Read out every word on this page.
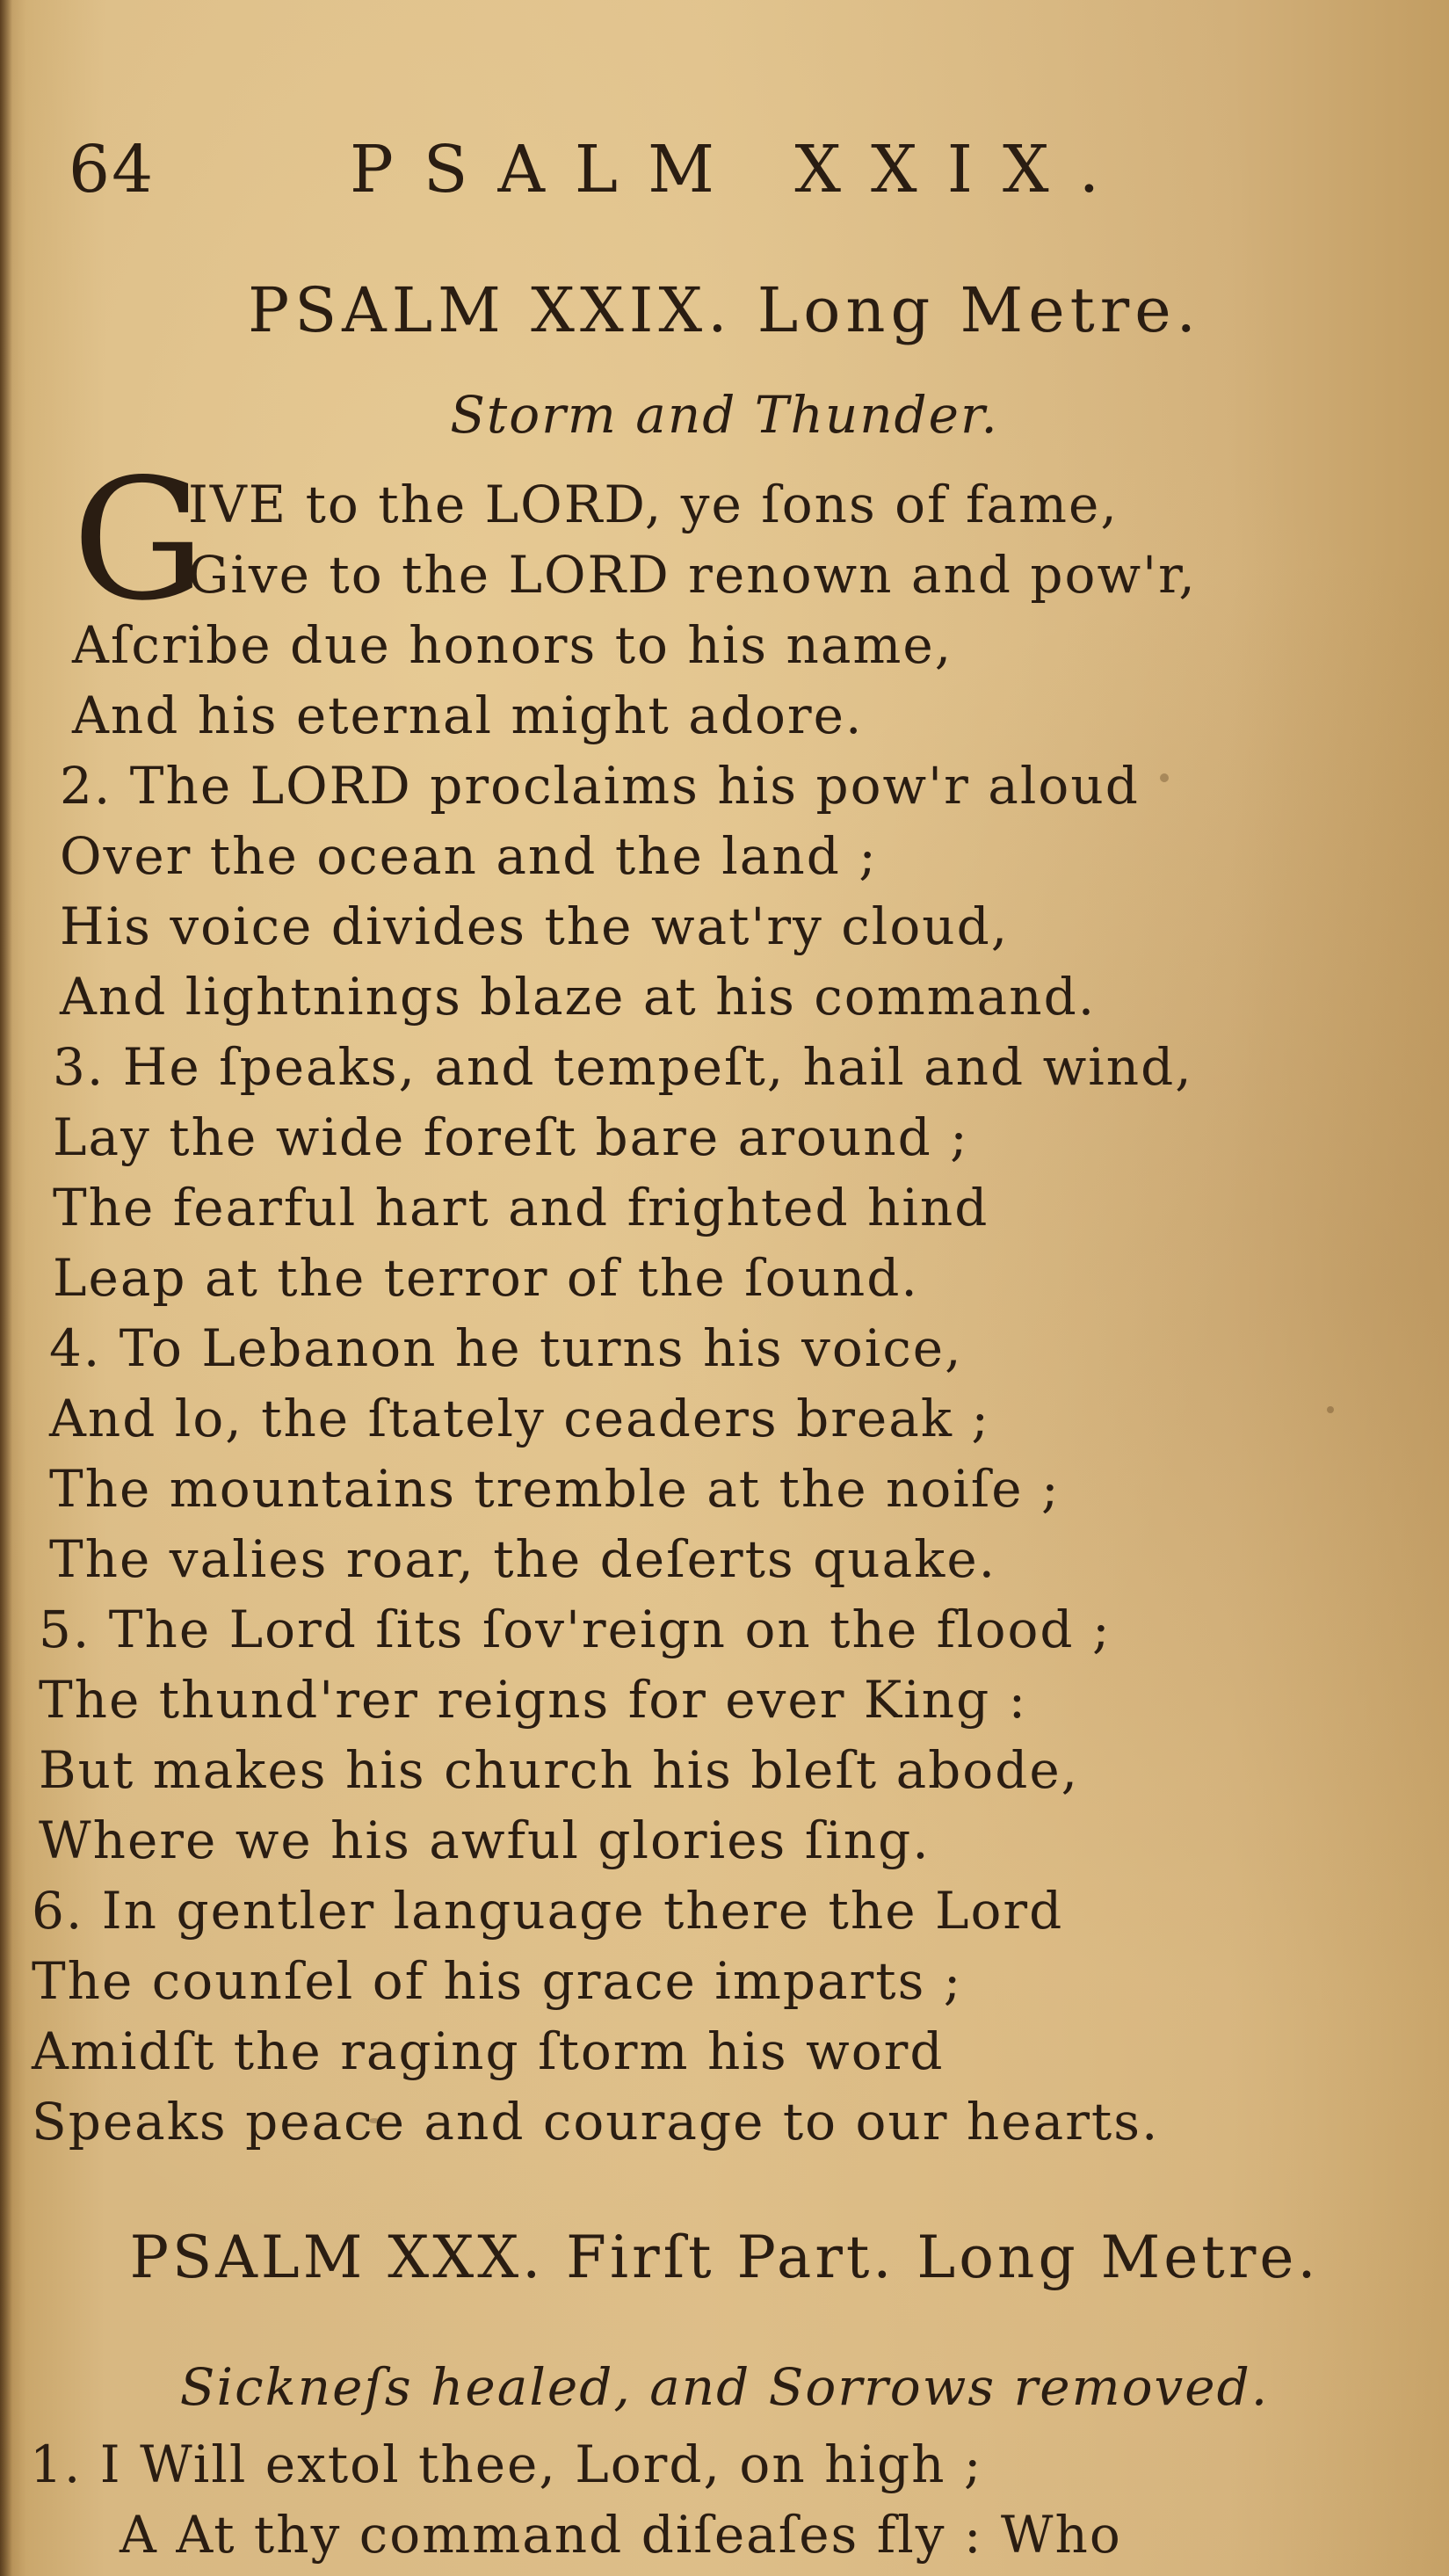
64	PSALM XXIX.
PSALM XXIX. Long Metre.
Storm and Thunder.
G
IVE to the LORD, ye ſons of fame,
Give to the LORD renown and pow'r,
Aſcribe due honors to his name,
And his eternal might adore.
2. The LORD proclaims his pow'r aloud
Over the ocean and the land ;
His voice divides the wat'ry cloud,
And lightnings blaze at his command.
3. He ſpeaks, and tempeſt, hail and wind,
Lay the wide foreſt bare around ;
The fearful hart and frighted hind
Leap at the terror of the ſound.
4. To Lebanon he turns his voice,
And lo, the ſtately ceaders break ;
The mountains tremble at the noiſe ;
The valies roar, the deſerts quake.
5. The Lord ſits ſov'reign on the flood ;
The thund'rer reigns for ever King :
But makes his church his bleſt abode,
Where we his awful glories ſing.
6. In gentler language there the Lord
The counſel of his grace imparts ;
Amidſt the raging ſtorm his word
Speaks peace and courage to our hearts.
PSALM XXX. Firſt Part. Long Metre.
Sickneſs healed, and Sorrows removed.
1. I Will extol thee, Lord, on high ;
A At thy command diſeaſes fly : Who
